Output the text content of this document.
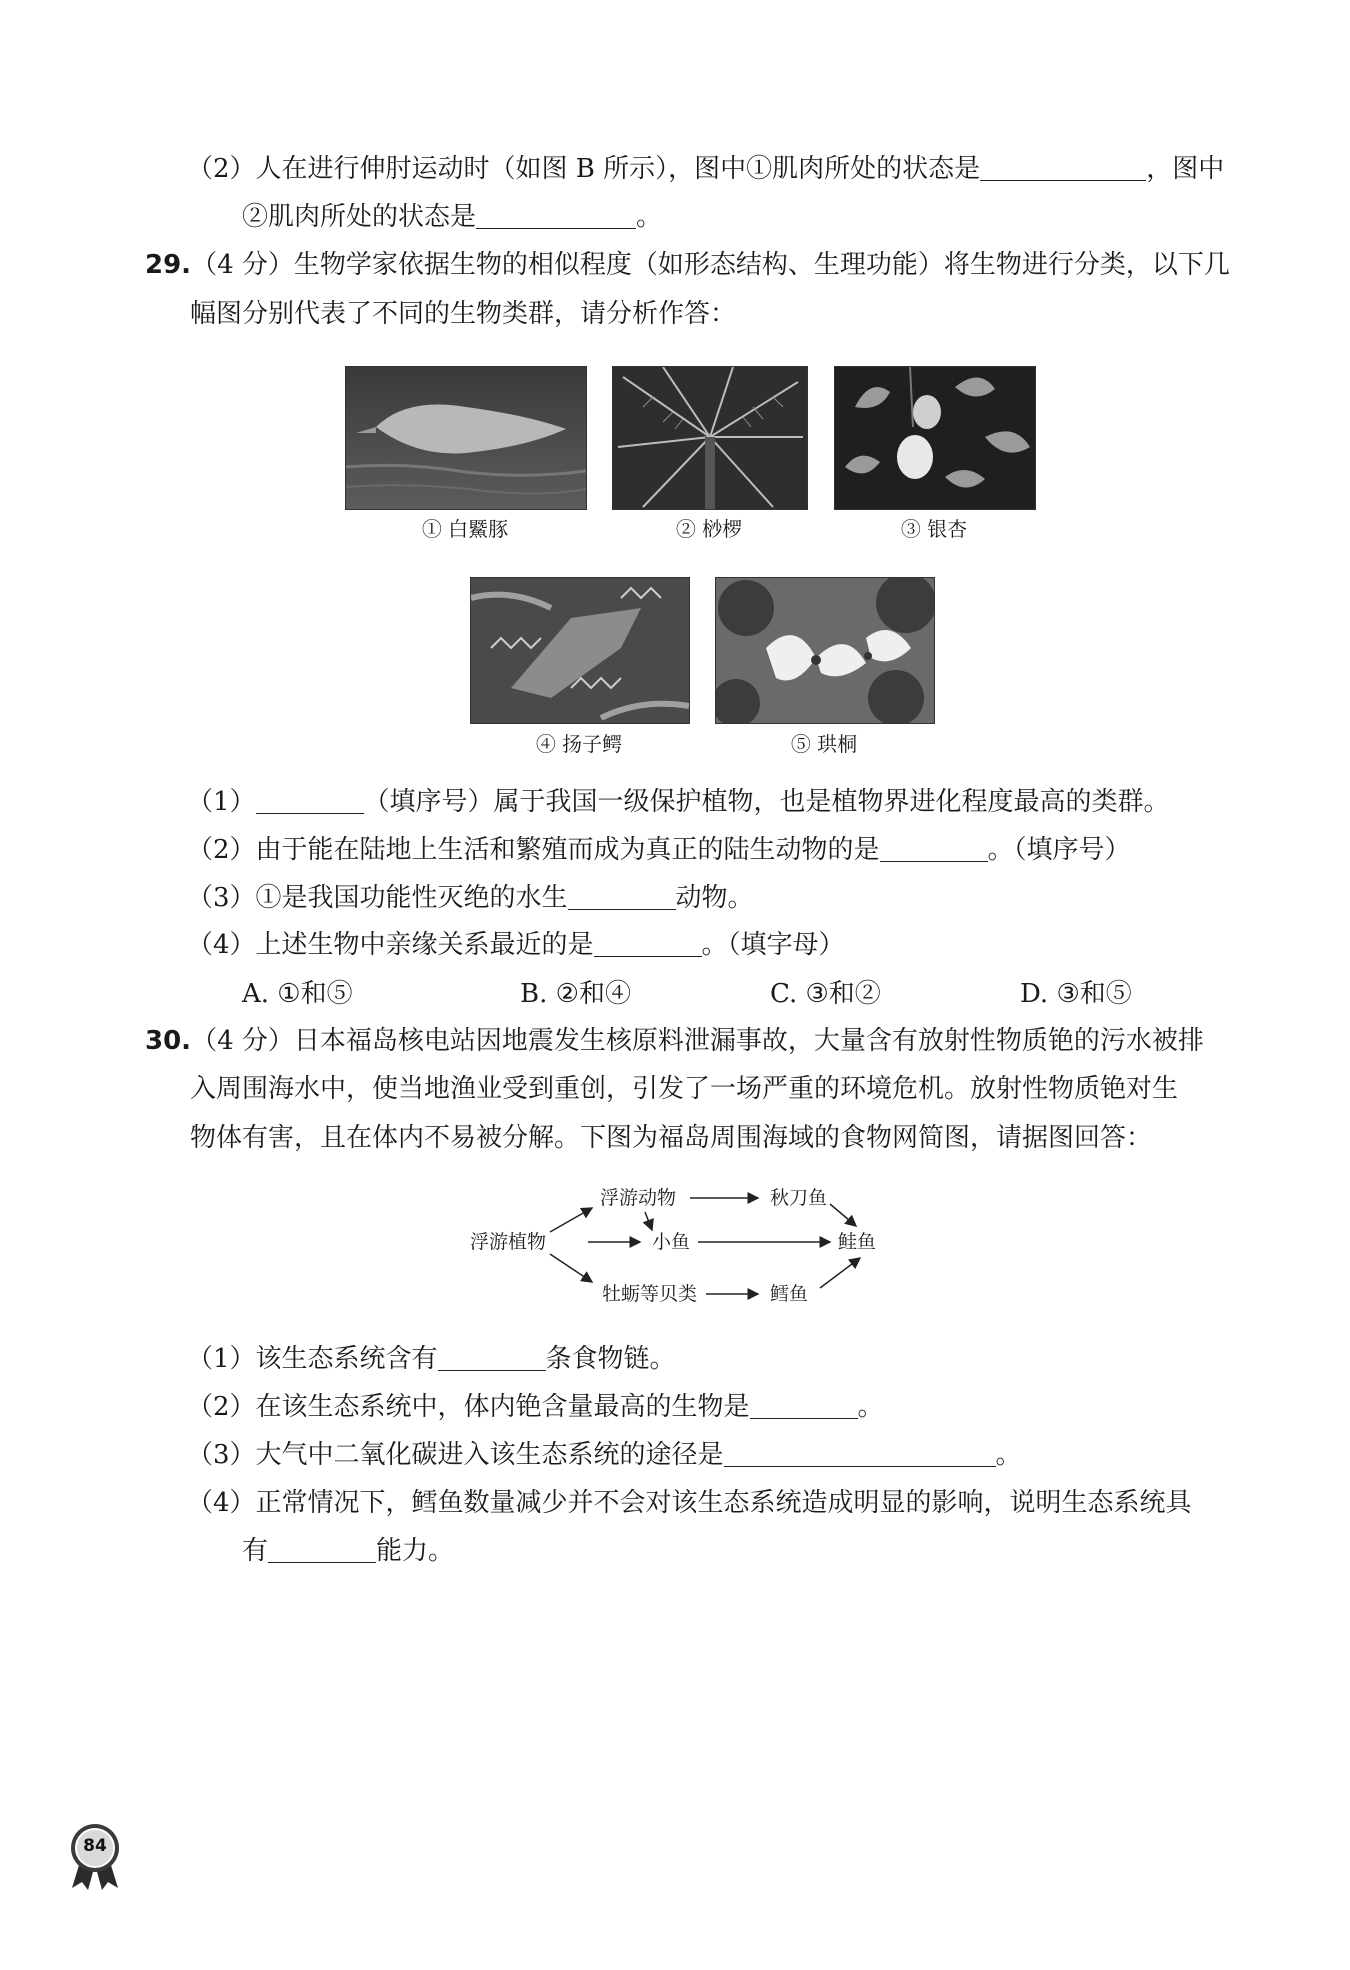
（2）人在进行伸肘运动时（如图 B 所示），图中①肌肉所处的状态是	，图中
②肌肉所处的状态是	。
29.（4 分）生物学家依据生物的相似程度（如形态结构、生理功能）将生物进行分类，以下几
幅图分别代表了不同的生物类群，请分析作答：
① 白鱀豚	② 桫椤	③ 银杏
④ 扬子鳄	⑤ 珙桐
（1）	（填序号）属于我国一级保护植物，也是植物界进化程度最高的类群。
（2）由于能在陆地上生活和繁殖而成为真正的陆生动物的是	。（填序号）
（3）①是我国功能性灭绝的水生	动物。
（4）上述生物中亲缘关系最近的是	。（填字母）
A. ①和⑤	B. ②和④	C. ③和②	D. ③和⑤
30.（4 分）日本福岛核电站因地震发生核原料泄漏事故，大量含有放射性物质铯的污水被排
入周围海水中，使当地渔业受到重创，引发了一场严重的环境危机。放射性物质铯对生
物体有害，且在体内不易被分解。下图为福岛周围海域的食物网简图，请据图回答：
浮游植物
浮游动物	秋刀鱼
小鱼	鲑鱼
牡蛎等贝类	鳕鱼
（1）该生态系统含有	条食物链。
（2）在该生态系统中，体内铯含量最高的生物是	。
（3）大气中二氧化碳进入该生态系统的途径是	。
（4）正常情况下，鳕鱼数量减少并不会对该生态系统造成明显的影响，说明生态系统具
有	能力。
84
